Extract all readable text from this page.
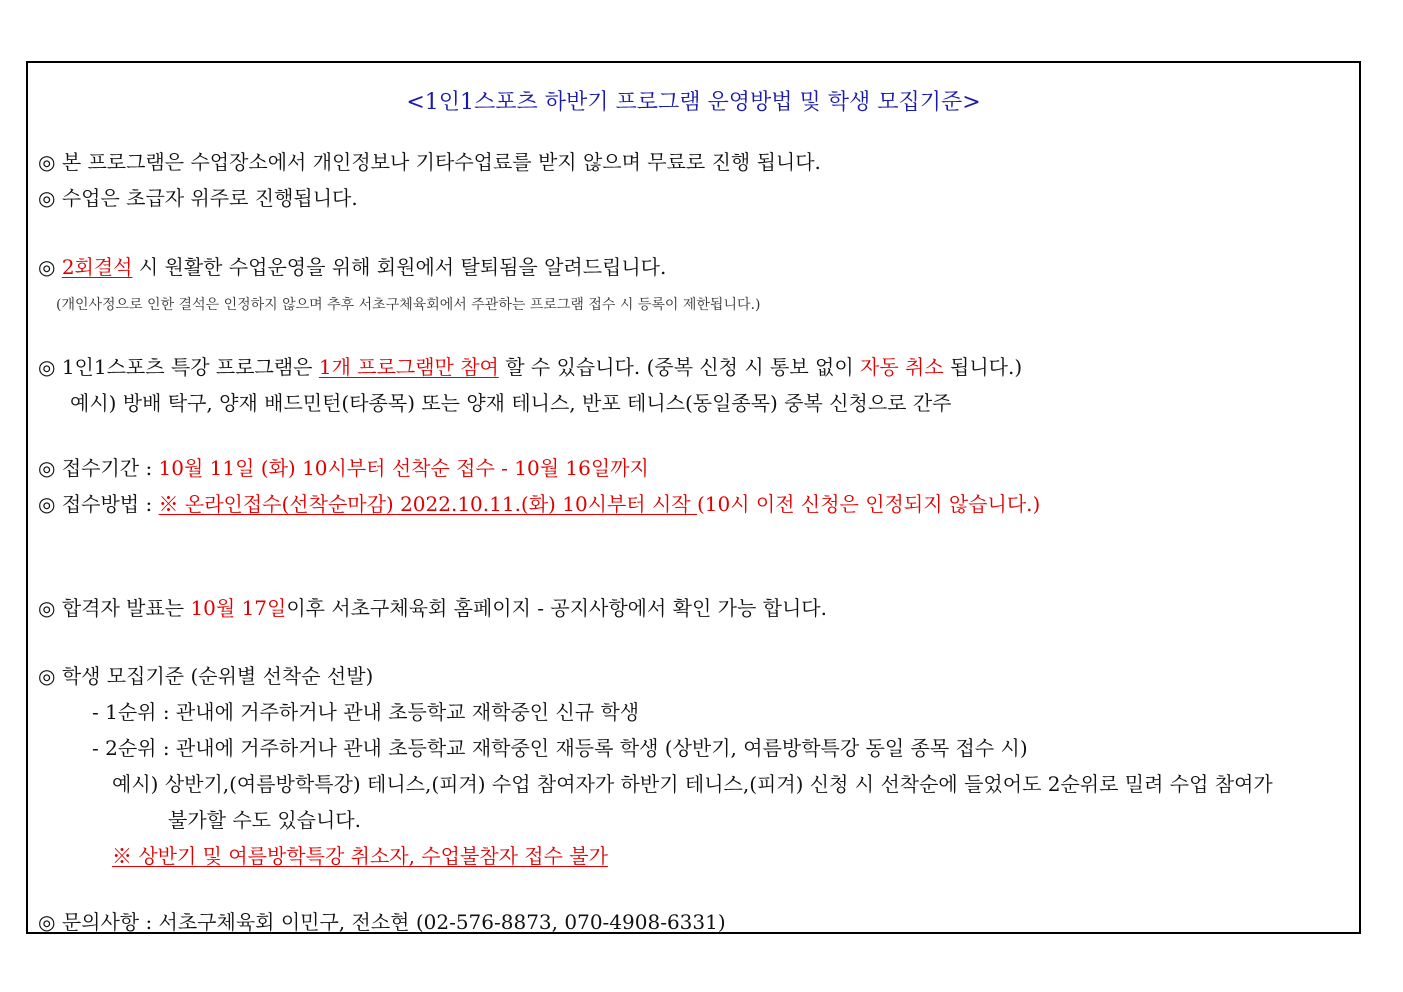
<1인1스포츠 하반기 프로그램 운영방법 및 학생 모집기준>
◎ 본 프로그램은 수업장소에서 개인정보나 기타수업료를 받지 않으며 무료로 진행 됩니다.
◎ 수업은 초급자 위주로 진행됩니다.
◎ 2회결석 시 원활한 수업운영을 위해 회원에서 탈퇴됨을 알려드립니다.
(개인사정으로 인한 결석은 인정하지 않으며 추후 서초구체육회에서 주관하는 프로그램 접수 시 등록이 제한됩니다.)
◎ 1인1스포츠 특강 프로그램은 1개 프로그램만 참여 할 수 있습니다. (중복 신청 시 통보 없이 자동 취소 됩니다.)
예시) 방배 탁구, 양재 배드민턴(타종목) 또는 양재 테니스, 반포 테니스(동일종목) 중복 신청으로 간주
◎ 접수기간 : 10월 11일 (화) 10시부터 선착순 접수 - 10월 16일까지
◎ 접수방법 : ※ 온라인접수(선착순마감) 2022.10.11.(화) 10시부터 시작 (10시 이전 신청은 인정되지 않습니다.)
◎ 합격자 발표는 10월 17일이후 서초구체육회 홈페이지 - 공지사항에서 확인 가능 합니다.
◎ 학생 모집기준 (순위별 선착순 선발)
- 1순위 : 관내에 거주하거나 관내 초등학교 재학중인 신규 학생
- 2순위 : 관내에 거주하거나 관내 초등학교 재학중인 재등록 학생 (상반기, 여름방학특강 동일 종목 접수 시)
예시) 상반기,(여름방학특강) 테니스,(피겨) 수업 참여자가 하반기 테니스,(피겨) 신청 시 선착순에 들었어도 2순위로 밀려 수업 참여가
불가할 수도 있습니다.
※ 상반기 및 여름방학특강 취소자, 수업불참자 접수 불가
◎ 문의사항 : 서초구체육회 이민구, 전소현 (02-576-8873, 070-4908-6331)
